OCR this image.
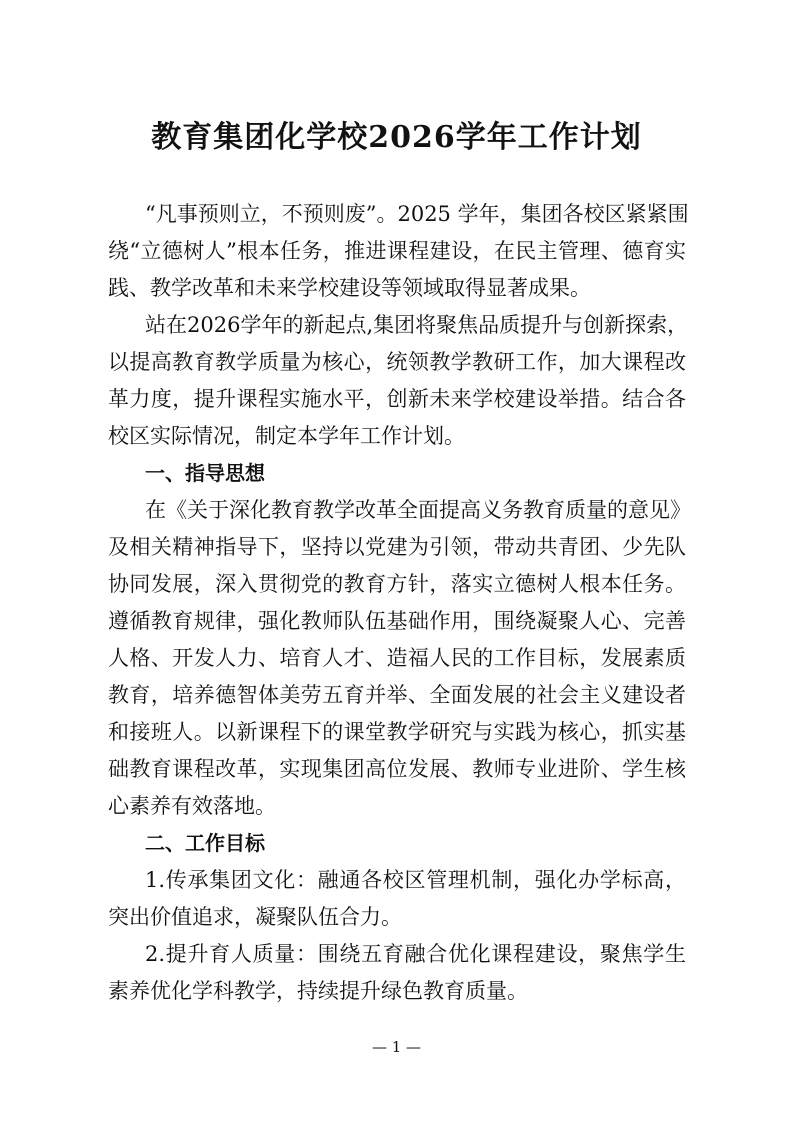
教育集团化学校2026学年工作计划
“凡事预则立，不预则废”。2025 学年，集团各校区紧紧围
绕“立德树人”根本任务，推进课程建设，在民主管理、德育实
践、教学改革和未来学校建设等领域取得显著成果。
站在2026学年的新起点,集团将聚焦品质提升与创新探索，
以提高教育教学质量为核心，统领教学教研工作，加大课程改
革力度，提升课程实施水平，创新未来学校建设举措。结合各
校区实际情况，制定本学年工作计划。
一、指导思想
在《关于深化教育教学改革全面提高义务教育质量的意见》
及相关精神指导下，坚持以党建为引领，带动共青团、少先队
协同发展，深入贯彻党的教育方针，落实立德树人根本任务。
遵循教育规律，强化教师队伍基础作用，围绕凝聚人心、完善
人格、开发人力、培育人才、造福人民的工作目标，发展素质
教育，培养德智体美劳五育并举、全面发展的社会主义建设者
和接班人。以新课程下的课堂教学研究与实践为核心，抓实基
础教育课程改革，实现集团高位发展、教师专业进阶、学生核
心素养有效落地。
二、工作目标
1.传承集团文化：融通各校区管理机制，强化办学标高，
突出价值追求，凝聚队伍合力。
2.提升育人质量：围绕五育融合优化课程建设，聚焦学生
素养优化学科教学，持续提升绿色教育质量。
— 1 —
